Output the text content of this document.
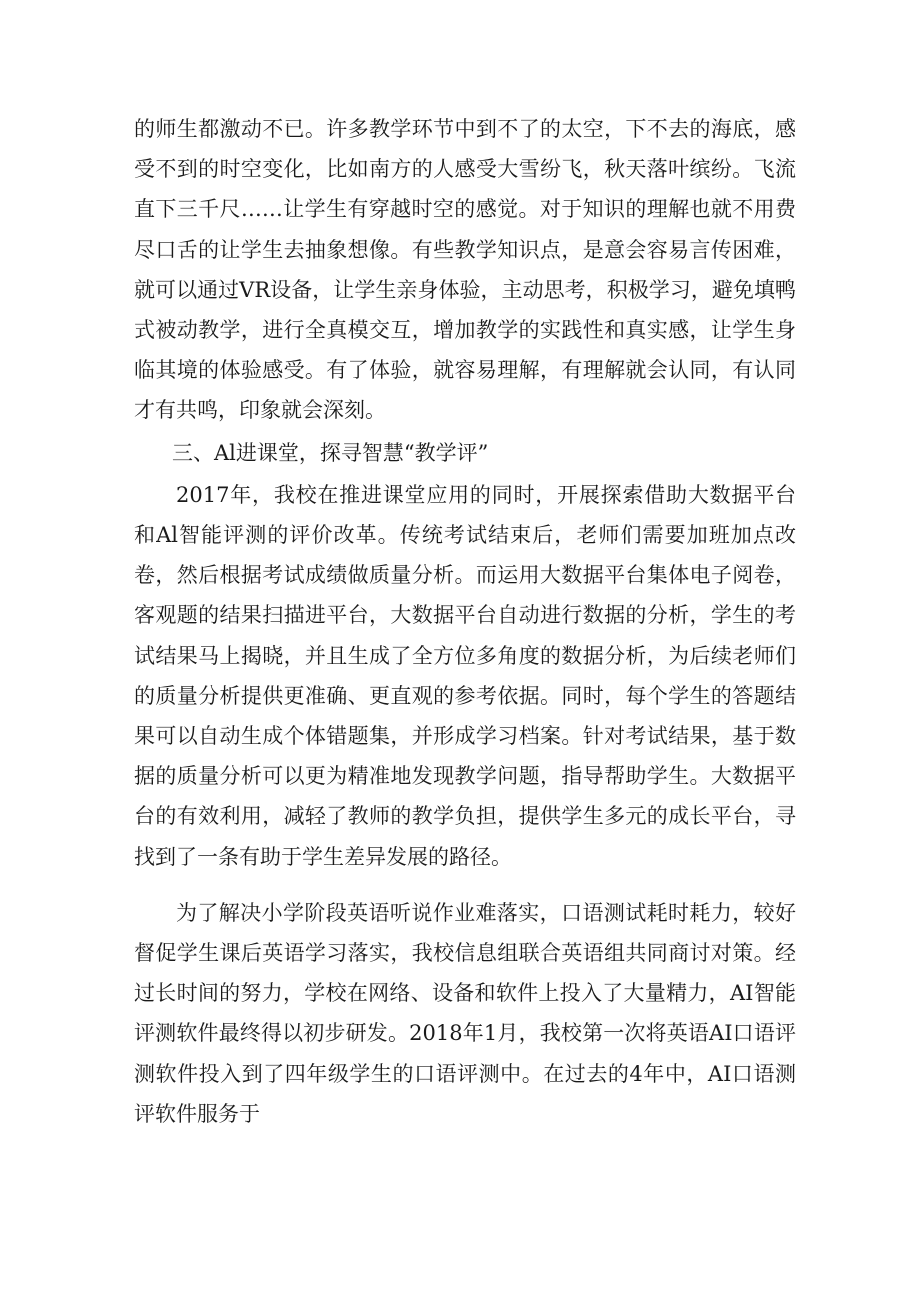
的师生都激动不已。许多教学环节中到不了的太空，下不去的海底，感受不到的时空变化，比如南方的人感受大雪纷飞，秋天落叶缤纷。飞流直下三千尺……让学生有穿越时空的感觉。对于知识的理解也就不用费尽口舌的让学生去抽象想像。有些教学知识点，是意会容易言传困难，就可以通过VR设备，让学生亲身体验，主动思考，积极学习，避免填鸭式被动教学，进行全真模交互，增加教学的实践性和真实感，让学生身临其境的体验感受。有了体验，就容易理解，有理解就会认同，有认同才有共鸣，印象就会深刻。

三、Al进课堂，探寻智慧“教学评”

2017年，我校在推进课堂应用的同时，开展探索借助大数据平台和Al智能评测的评价改革。传统考试结束后，老师们需要加班加点改卷，然后根据考试成绩做质量分析。而运用大数据平台集体电子阅卷，客观题的结果扫描进平台，大数据平台自动进行数据的分析，学生的考试结果马上揭晓，并且生成了全方位多角度的数据分析，为后续老师们的质量分析提供更准确、更直观的参考依据。同时，每个学生的答题结果可以自动生成个体错题集，并形成学习档案。针对考试结果，基于数据的质量分析可以更为精准地发现教学问题，指导帮助学生。大数据平台的有效利用，减轻了教师的教学负担，提供学生多元的成长平台，寻找到了一条有助于学生差异发展的路径。

为了解决小学阶段英语听说作业难落实，口语测试耗时耗力，较好督促学生课后英语学习落实，我校信息组联合英语组共同商讨对策。经过长时间的努力，学校在网络、设备和软件上投入了大量精力，AI智能评测软件最终得以初步研发。2018年1月，我校第一次将英语AI口语评测软件投入到了四年级学生的口语评测中。在过去的4年中，AI口语测评软件服务于
